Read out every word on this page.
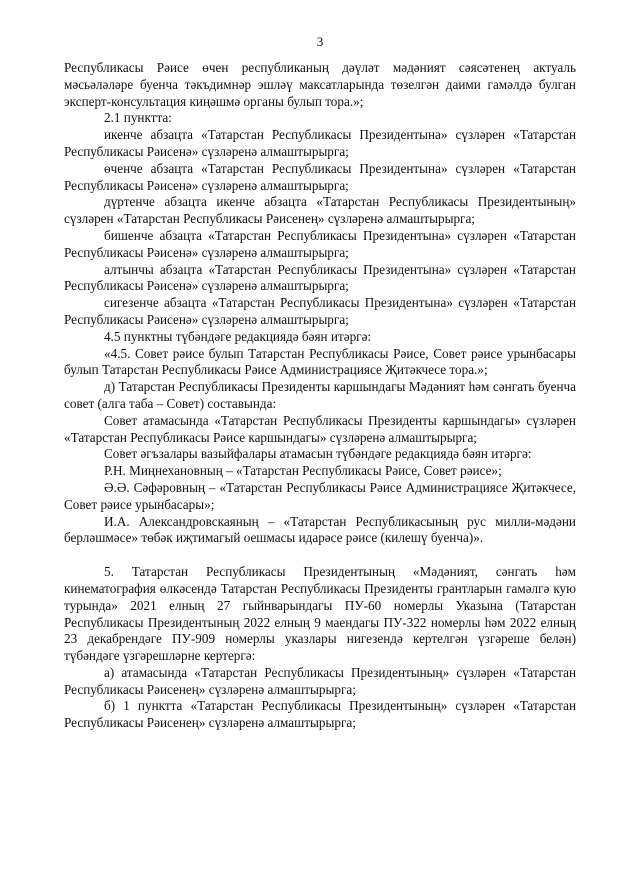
3

Республикасы Рәисе өчен республиканың дәүләт мәдәният сәясәтенең актуаль мәсьәләләре буенча тәкъдимнәр эшләү максатларында төзелгән даими гамәлдә булган эксперт-консультация киңәшмә органы булып тора.»;

2.1 пунктта:

икенче абзацта «Татарстан Республикасы Президентына» сүзләрен «Татарстан Республикасы Рәисенә» сүзләренә алмаштырырга;

өченче абзацта «Татарстан Республикасы Президентына» сүзләрен «Татарстан Республикасы Рәисенә» сүзләренә алмаштырырга;

дүртенче абзацта икенче абзацта «Татарстан Республикасы Президентының» сүзләрен «Татарстан Республикасы Рәисенең» сүзләренә алмаштырырга;

бишенче абзацта «Татарстан Республикасы Президентына» сүзләрен «Татарстан Республикасы Рәисенә» сүзләренә алмаштырырга;

алтынчы абзацта «Татарстан Республикасы Президентына» сүзләрен «Татарстан Республикасы Рәисенә» сүзләренә алмаштырырга;

сигезенче абзацта «Татарстан Республикасы Президентына» сүзләрен «Татарстан Республикасы Рәисенә» сүзләренә алмаштырырга;

4.5 пунктны түбәндәге редакциядә бәян итәргә:

«4.5. Совет рәисе булып Татарстан Республикасы Рәисе, Совет рәисе урынбасары булып Татарстан Республикасы Рәисе Администрациясе Җитәкчесе тора.»;

д) Татарстан Республикасы Президенты каршындагы Мәдәният һәм сәнгать буенча совет (алга таба – Совет) составында:

Совет атамасында «Татарстан Республикасы Президенты каршындагы» сүзләрен «Татарстан Республикасы Рәисе каршындагы» сүзләренә алмаштырырга;

Совет әгъзалары вазыйфалары атамасын түбәндәге редакциядә бәян итәргә:

Р.Н. Миңнехановның – «Татарстан Республикасы Рәисе, Совет рәисе»;

Ә.Ә. Сәфәровның – «Татарстан Республикасы Рәисе Администрациясе Җитәкчесе, Совет рәисе урынбасары»;

И.А. Александровскаяның – «Татарстан Республикасының рус милли-мәдәни берләшмәсе» төбәк иҗтимагый оешмасы идарәсе рәисе (килешү буенча)».

5. Татарстан Республикасы Президентының «Мәдәният, сәнгать һәм кинематография өлкәсендә Татарстан Республикасы Президенты грантларын гамәлгә кую турында» 2021 елның 27 гыйнварындагы ПУ-60 номерлы Указына (Татарстан Республикасы Президентының 2022 елның 9 маендагы ПУ-322 номерлы һәм 2022 елның 23 декабрендәге ПУ-909 номерлы указлары нигезендә кертелгән үзгәреше белән) түбәндәге үзгәрешләрне кертергә:

а) атамасында «Татарстан Республикасы Президентының» сүзләрен «Татарстан Республикасы Рәисенең» сүзләренә алмаштырырга;

б) 1 пунктта «Татарстан Республикасы Президентының» сүзләрен «Татарстан Республикасы Рәисенең» сүзләренә алмаштырырга;
